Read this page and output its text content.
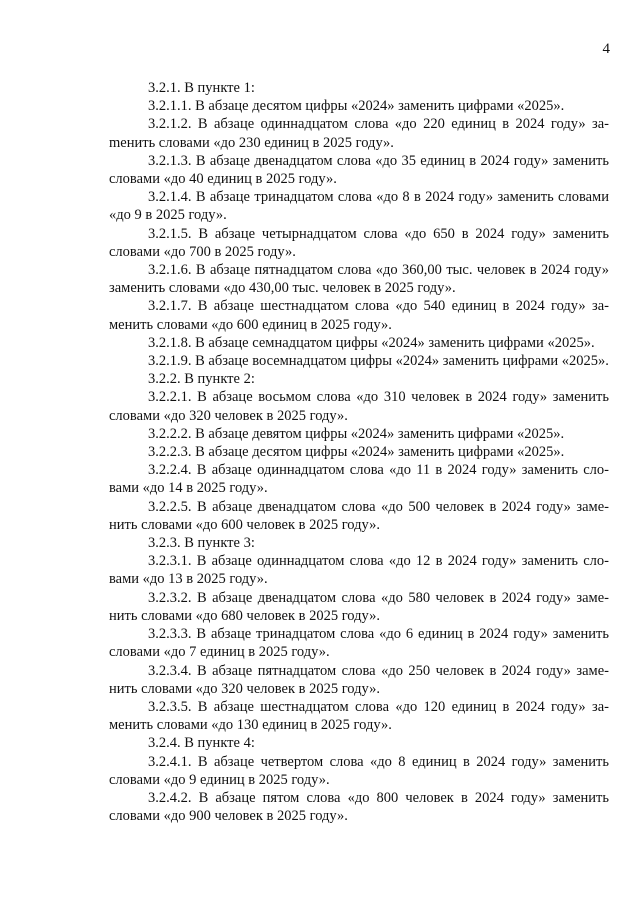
4

3.2.1. В пункте 1:

3.2.1.1. В абзаце десятом цифры «2024» заменить цифрами «2025».

3.2.1.2. В абзаце одиннадцатом слова «до 220 единиц в 2024 году» заmенить словами «до 230 единиц в 2025 году».

3.2.1.3. В абзаце двенадцатом слова «до 35 единиц в 2024 году» заменить словами «до 40 единиц в 2025 году».

3.2.1.4. В абзаце тринадцатом слова «до 8 в 2024 году» заменить словами «до 9 в 2025 году».

3.2.1.5. В абзаце четырнадцатом слова «до 650 в 2024 году» заменить словами «до 700 в 2025 году».

3.2.1.6. В абзаце пятнадцатом слова «до 360,00 тыс. человек в 2024 году» заменить словами «до 430,00 тыс. человек в 2025 году».

3.2.1.7. В абзаце шестнадцатом слова «до 540 единиц в 2024 году» заменить словами «до 600 единиц в 2025 году».

3.2.1.8. В абзаце семнадцатом цифры «2024» заменить цифрами «2025».

3.2.1.9. В абзаце восемнадцатом цифры «2024» заменить цифрами «2025».

3.2.2. В пункте 2:

3.2.2.1. В абзаце восьмом слова «до 310 человек в 2024 году» заменить словами «до 320 человек в 2025 году».

3.2.2.2. В абзаце девятом цифры «2024» заменить цифрами «2025».

3.2.2.3. В абзаце десятом цифры «2024» заменить цифрами «2025».

3.2.2.4. В абзаце одиннадцатом слова «до 11 в 2024 году» заменить словами «до 14 в 2025 году».

3.2.2.5. В абзаце двенадцатом слова «до 500 человек в 2024 году» заменить словами «до 600 человек в 2025 году».

3.2.3. В пункте 3:

3.2.3.1. В абзаце одиннадцатом слова «до 12 в 2024 году» заменить словами «до 13 в 2025 году».

3.2.3.2. В абзаце двенадцатом слова «до 580 человек в 2024 году» заменить словами «до 680 человек в 2025 году».

3.2.3.3. В абзаце тринадцатом слова «до 6 единиц в 2024 году» заменить словами «до 7 единиц в 2025 году».

3.2.3.4. В абзаце пятнадцатом слова «до 250 человек в 2024 году» заменить словами «до 320 человек в 2025 году».

3.2.3.5. В абзаце шестнадцатом слова «до 120 единиц в 2024 году» заменить словами «до 130 единиц в 2025 году».

3.2.4. В пункте 4:

3.2.4.1. В абзаце четвертом слова «до 8 единиц в 2024 году» заменить словами «до 9 единиц в 2025 году».

3.2.4.2. В абзаце пятом слова «до 800 человек в 2024 году» заменить словами «до 900 человек в 2025 году».
